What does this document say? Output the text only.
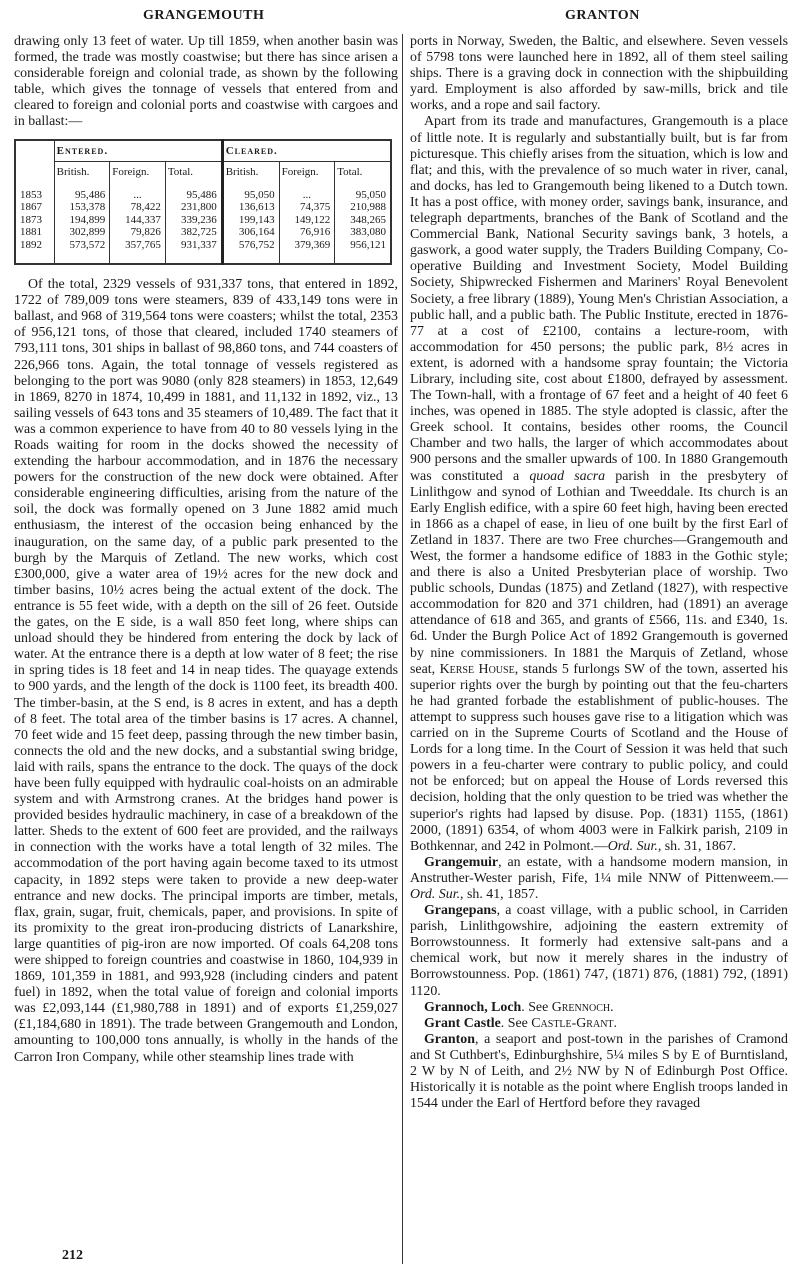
GRANGEMOUTH	GRANTON

drawing only 13 feet of water. Up till 1859, when another basin was formed, the trade was mostly coastwise; but there has since arisen a considerable foreign and colonial trade, as shown by the following table, which gives the tonnage of vessels that entered from and cleared to foreign and colonial ports and coastwise with cargoes and in ballast:—

	Entered.			Cleared.		
	British.	Foreign.	Total.	British.	Foreign.	Total.
1853	95,486	...	95,486	95,050	...	95,050
1867	153,378	78,422	231,800	136,613	74,375	210,988
1873	194,899	144,337	339,236	199,143	149,122	348,265
1881	302,899	79,826	382,725	306,164	76,916	383,080
1892	573,572	357,765	931,337	576,752	379,369	956,121

Of the total, 2329 vessels of 931,337 tons, that entered in 1892, 1722 of 789,009 tons were steamers, 839 of 433,149 tons were in ballast, and 968 of 319,564 tons were coasters; whilst the total, 2353 of 956,121 tons, of those that cleared, included 1740 steamers of 793,111 tons, 301 ships in ballast of 98,860 tons, and 744 coasters of 226,966 tons. Again, the total tonnage of vessels registered as belonging to the port was 9080 (only 828 steamers) in 1853, 12,649 in 1869, 8270 in 1874, 10,499 in 1881, and 11,132 in 1892, viz., 13 sailing vessels of 643 tons and 35 steamers of 10,489. The fact that it was a common experience to have from 40 to 80 vessels lying in the Roads waiting for room in the docks showed the necessity of extending the harbour accommodation, and in 1876 the necessary powers for the construction of the new dock were obtained. After considerable engineering difficulties, arising from the nature of the soil, the dock was formally opened on 3 June 1882 amid much enthusiasm, the interest of the occasion being enhanced by the inauguration, on the same day, of a public park presented to the burgh by the Marquis of Zetland. The new works, which cost £300,000, give a water area of 19½ acres for the new dock and timber basins, 10½ acres being the actual extent of the dock. The entrance is 55 feet wide, with a depth on the sill of 26 feet. Outside the gates, on the E side, is a wall 850 feet long, where ships can unload should they be hindered from entering the dock by lack of water. At the entrance there is a depth at low water of 8 feet; the rise in spring tides is 18 feet and 14 in neap tides. The quayage extends to 900 yards, and the length of the dock is 1100 feet, its breadth 400. The timber-basin, at the S end, is 8 acres in extent, and has a depth of 8 feet. The total area of the timber basins is 17 acres. A channel, 70 feet wide and 15 feet deep, passing through the new timber basin, connects the old and the new docks, and a substantial swing bridge, laid with rails, spans the entrance to the dock. The quays of the dock have been fully equipped with hydraulic coal-hoists on an admirable system and with Armstrong cranes. At the bridges hand power is provided besides hydraulic machinery, in case of a breakdown of the latter. Sheds to the extent of 600 feet are provided, and the railways in connection with the works have a total length of 32 miles. The accommodation of the port having again become taxed to its utmost capacity, in 1892 steps were taken to provide a new deep-water entrance and new docks. The principal imports are timber, metals, flax, grain, sugar, fruit, chemicals, paper, and provisions. In spite of its promixity to the great iron-producing districts of Lanarkshire, large quantities of pig-iron are now imported. Of coals 64,208 tons were shipped to foreign countries and coastwise in 1860, 104,939 in 1869, 101,359 in 1881, and 993,928 (including cinders and patent fuel) in 1892, when the total value of foreign and colonial imports was £2,093,144 (£1,980,788 in 1891) and of exports £1,259,027 (£1,184,680 in 1891). The trade between Grangemouth and London, amounting to 100,000 tons annually, is wholly in the hands of the Carron Iron Company, while other steamship lines trade with

ports in Norway, Sweden, the Baltic, and elsewhere. Seven vessels of 5798 tons were launched here in 1892, all of them steel sailing ships. There is a graving dock in connection with the shipbuilding yard. Employment is also afforded by saw-mills, brick and tile works, and a rope and sail factory.

Apart from its trade and manufactures, Grangemouth is a place of little note. It is regularly and substantially built, but is far from picturesque. This chiefly arises from the situation, which is low and flat; and this, with the prevalence of so much water in river, canal, and docks, has led to Grangemouth being likened to a Dutch town. It has a post office, with money order, savings bank, insurance, and telegraph departments, branches of the Bank of Scotland and the Commercial Bank, National Security savings bank, 3 hotels, a gaswork, a good water supply, the Traders Building Company, Co-operative Building and Investment Society, Model Building Society, Shipwrecked Fishermen and Mariners' Royal Benevolent Society, a free library (1889), Young Men's Christian Association, a public hall, and a public bath. The Public Institute, erected in 1876-77 at a cost of £2100, contains a lecture-room, with accommodation for 450 persons; the public park, 8½ acres in extent, is adorned with a handsome spray fountain; the Victoria Library, including site, cost about £1800, defrayed by assessment. The Town-hall, with a frontage of 67 feet and a height of 40 feet 6 inches, was opened in 1885. The style adopted is classic, after the Greek school. It contains, besides other rooms, the Council Chamber and two halls, the larger of which accommodates about 900 persons and the smaller upwards of 100. In 1880 Grangemouth was constituted a quoad sacra parish in the presbytery of Linlithgow and synod of Lothian and Tweeddale. Its church is an Early English edifice, with a spire 60 feet high, having been erected in 1866 as a chapel of ease, in lieu of one built by the first Earl of Zetland in 1837. There are two Free churches—Grangemouth and West, the former a handsome edifice of 1883 in the Gothic style; and there is also a United Presbyterian place of worship. Two public schools, Dundas (1875) and Zetland (1827), with respective accommodation for 820 and 371 children, had (1891) an average attendance of 618 and 365, and grants of £566, 11s. and £340, 1s. 6d. Under the Burgh Police Act of 1892 Grangemouth is governed by nine commissioners. In 1881 the Marquis of Zetland, whose seat, Kerse House, stands 5 furlongs SW of the town, asserted his superior rights over the burgh by pointing out that the feu-charters he had granted forbade the establishment of public-houses. The attempt to suppress such houses gave rise to a litigation which was carried on in the Supreme Courts of Scotland and the House of Lords for a long time. In the Court of Session it was held that such powers in a feu-charter were contrary to public policy, and could not be enforced; but on appeal the House of Lords reversed this decision, holding that the only question to be tried was whether the superior's rights had lapsed by disuse. Pop. (1831) 1155, (1861) 2000, (1891) 6354, of whom 4003 were in Falkirk parish, 2109 in Bothkennar, and 242 in Polmont.—Ord. Sur., sh. 31, 1867.

Grangemuir, an estate, with a handsome modern mansion, in Anstruther-Wester parish, Fife, 1¼ mile NNW of Pittenweem.—Ord. Sur., sh. 41, 1857.

Grangepans, a coast village, with a public school, in Carriden parish, Linlithgowshire, adjoining the eastern extremity of Borrowstounness. It formerly had extensive salt-pans and a chemical work, but now it merely shares in the industry of Borrowstounness. Pop. (1861) 747, (1871) 876, (1881) 792, (1891) 1120.

Grannoch, Loch. See Grennoch.

Grant Castle. See Castle-Grant.

Granton, a seaport and post-town in the parishes of Cramond and St Cuthbert's, Edinburghshire, 5¼ miles S by E of Burntisland, 2 W by N of Leith, and 2½ NW by N of Edinburgh Post Office. Historically it is notable as the point where English troops landed in 1544 under the Earl of Hertford before they ravaged

212
